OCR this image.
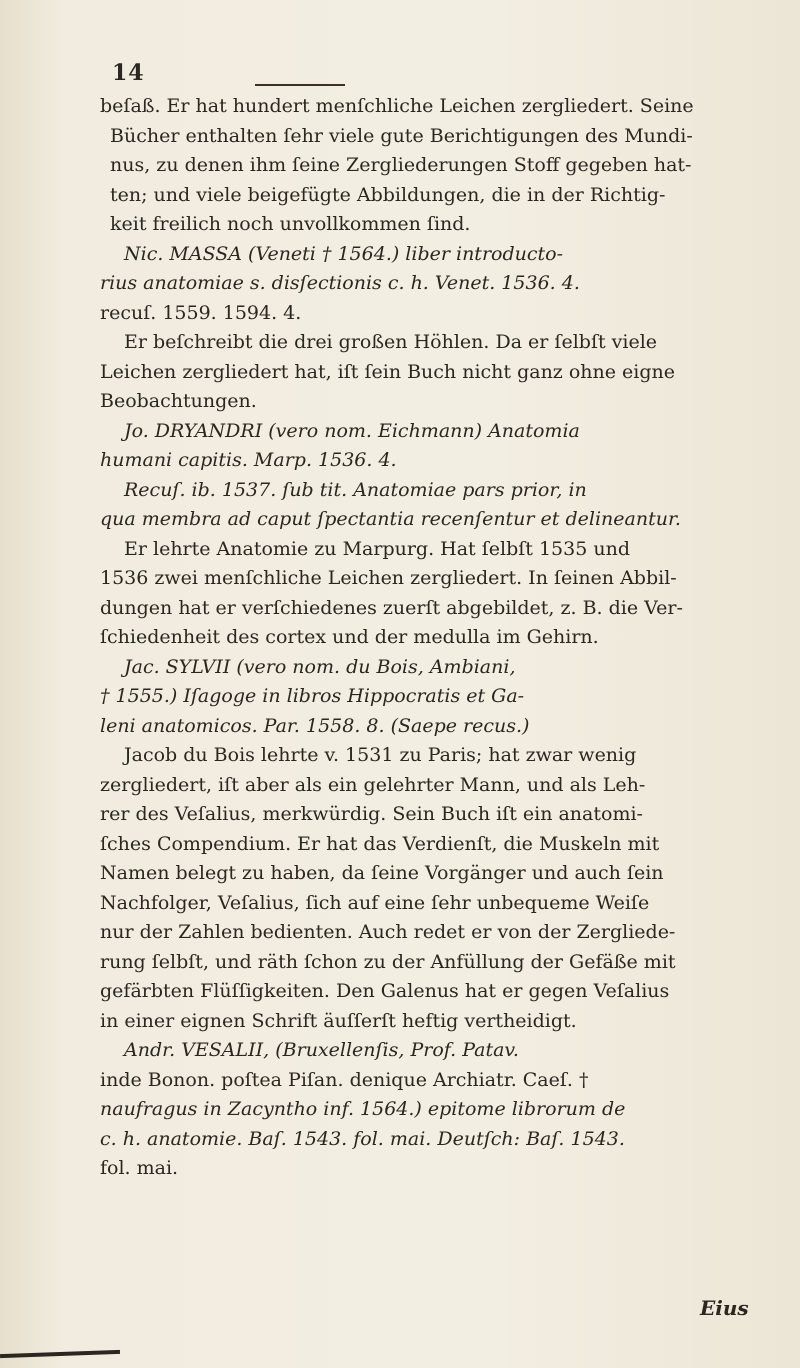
14
beſaß. Er hat hundert menſchliche Leichen zergliedert. Seine
Bücher enthalten ſehr viele gute Berichtigungen des Mundi-
nus, zu denen ihm ſeine Zergliederungen Stoff gegeben hat-
ten; und viele beigefügte Abbildungen, die in der Richtig-
keit freilich noch unvollkommen ſind.
Nic. MASSA (Veneti † 1564.) liber introducto-
rius anatomiae s. disſectionis c. h. Venet. 1536. 4.
recuſ. 1559. 1594. 4.
Er beſchreibt die drei großen Höhlen. Da er ſelbſt viele
Leichen zergliedert hat, iſt ſein Buch nicht ganz ohne eigne
Beobachtungen.
Jo. DRYANDRI (vero nom. Eichmann) Anatomia
humani capitis. Marp. 1536. 4.
Recuſ. ib. 1537. ſub tit. Anatomiae pars prior, in
qua membra ad caput ſpectantia recenſentur et delineantur.
Er lehrte Anatomie zu Marpurg. Hat ſelbſt 1535 und
1536 zwei menſchliche Leichen zergliedert. In ſeinen Abbil-
dungen hat er verſchiedenes zuerſt abgebildet, z. B. die Ver-
ſchiedenheit des cortex und der medulla im Gehirn.
Jac. SYLVII (vero nom. du Bois, Ambiani,
† 1555.) Iſagoge in libros Hippocratis et Ga-
leni anatomicos. Par. 1558. 8. (Saepe recus.)
Jacob du Bois lehrte v. 1531 zu Paris; hat zwar wenig
zergliedert, iſt aber als ein gelehrter Mann, und als Leh-
rer des Veſalius, merkwürdig. Sein Buch iſt ein anatomi-
ſches Compendium. Er hat das Verdienſt, die Muskeln mit
Namen belegt zu haben, da ſeine Vorgänger und auch ſein
Nachfolger, Veſalius, ſich auf eine ſehr unbequeme Weiſe
nur der Zahlen bedienten. Auch redet er von der Zergliede-
rung ſelbſt, und räth ſchon zu der Anfüllung der Gefäße mit
gefärbten Flüſſigkeiten. Den Galenus hat er gegen Veſalius
in einer eignen Schrift äuſſerſt heftig vertheidigt.
Andr. VESALII, (Bruxellenſis, Prof. Patav.
inde Bonon. poſtea Piſan. denique Archiatr. Caeſ. †
naufragus in Zacyntho inf. 1564.) epitome librorum de
c. h. anatomie. Baſ. 1543. fol. mai. Deutſch: Baſ. 1543.
fol. mai.
Eius
